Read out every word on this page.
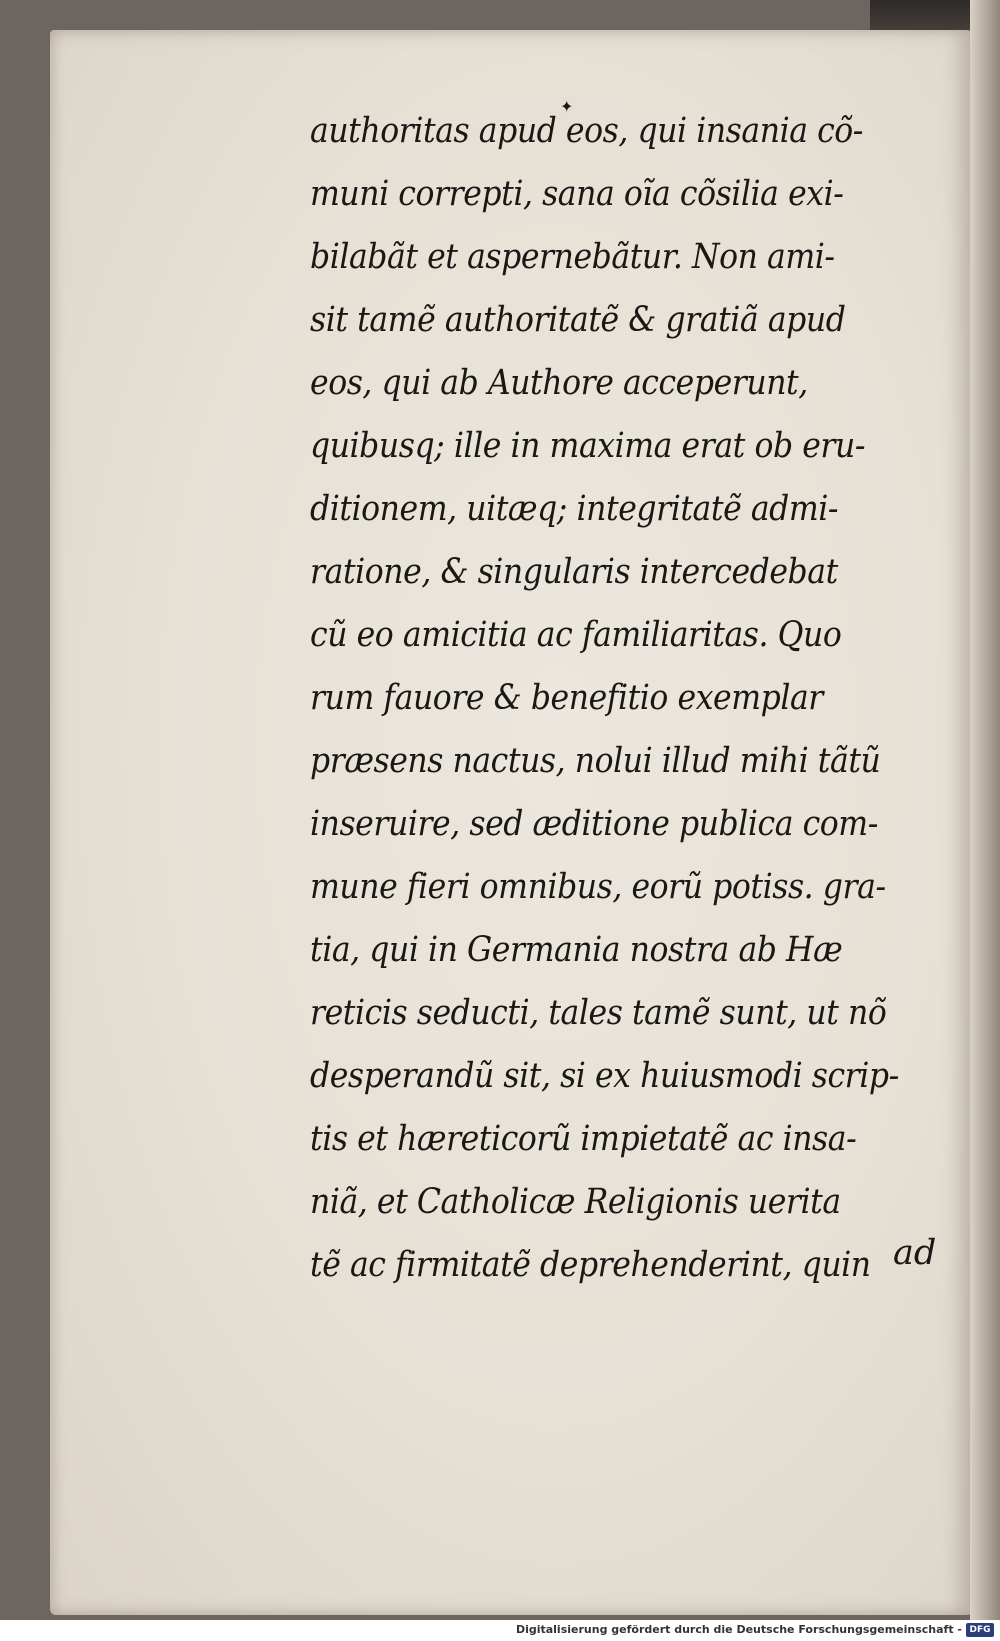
✦
authoritas apud eos, qui insania cõ-
muni correpti, sana oĩa cõsilia exi-
bilabãt et aspernebãtur. Non ami-
sit tamẽ authoritatẽ & gratiã apud
eos, qui ab Authore acceperunt,
quibusq; ille in maxima erat ob eru-
ditionem, uitæq; integritatẽ admi-
ratione, & singularis intercedebat
cũ eo amicitia ac familiaritas. Quo
rum fauore & benefitio exemplar
præsens nactus, nolui illud mihi tãtũ
inseruire, sed æditione publica com-
mune fieri omnibus, eorũ potiss. gra-
tia, qui in Germania nostra ab Hæ
reticis seducti, tales tamẽ sunt, ut nõ
desperandũ sit, si ex huiusmodi scrip-
tis et hæreticorũ impietatẽ ac insa-
niã, et Catholicæ Religionis uerita
tẽ ac firmitatẽ deprehenderint, quin ad
Digitalisierung gefördert durch die Deutsche Forschungsgemeinschaft - DFG
